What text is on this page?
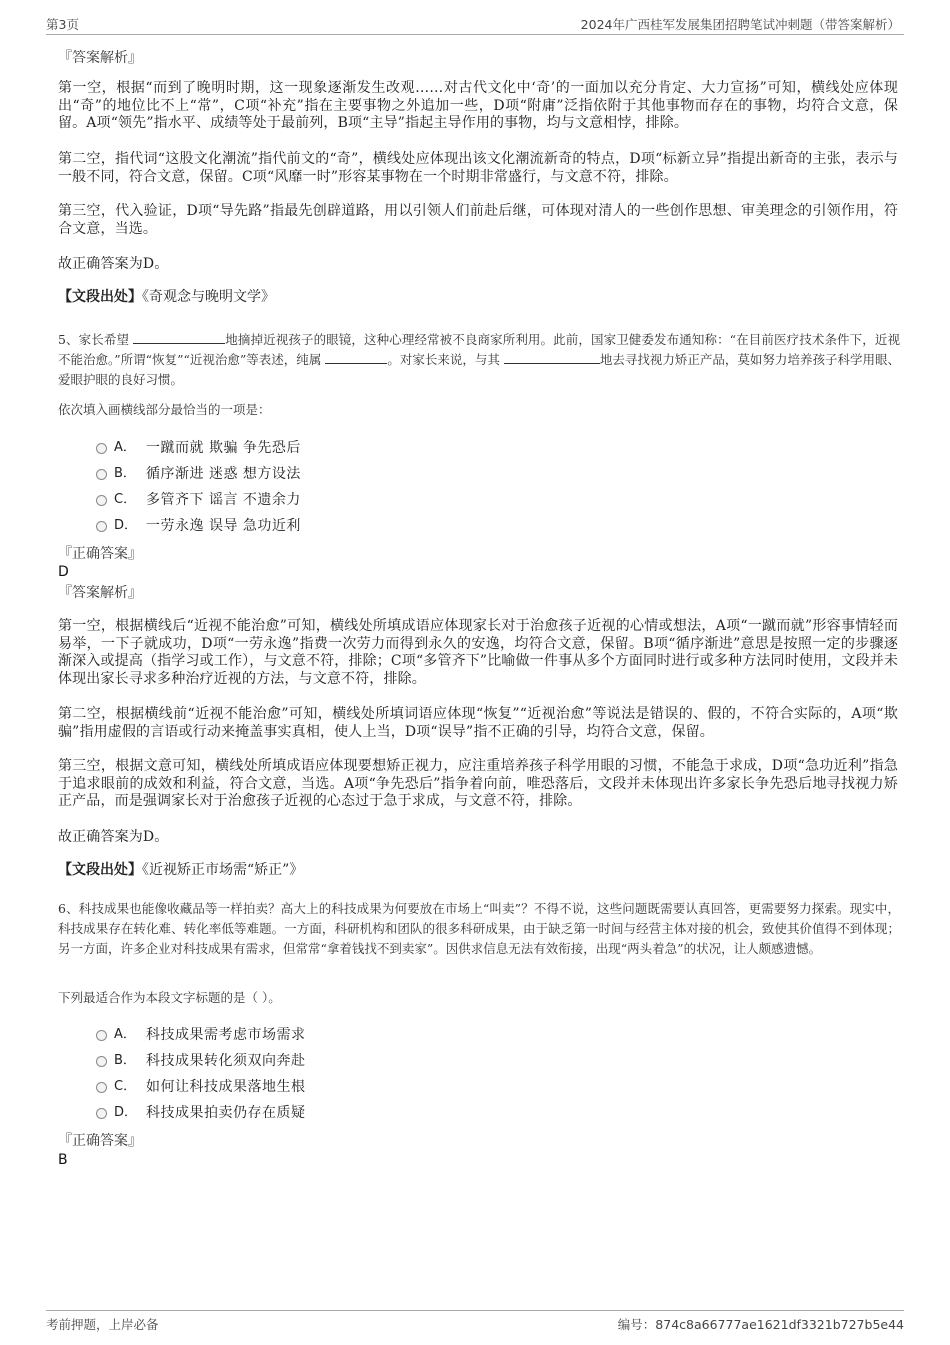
第3页	2024年广西桂军发展集团招聘笔试冲刺题（带答案解析）
『答案解析』
第一空，根据“而到了晚明时期，这一现象逐渐发生改观……对古代文化中‘奇’的一面加以充分肯定、大力宣扬”可知，横线处应体现出“奇”的地位比不上“常”，C项“补充”指在主要事物之外追加一些，D项“附庸”泛指依附于其他事物而存在的事物，均符合文意，保留。A项“领先”指水平、成绩等处于最前列，B项“主导”指起主导作用的事物，均与文意相悖，排除。
第二空，指代词“这股文化潮流”指代前文的“奇”，横线处应体现出该文化潮流新奇的特点，D项“标新立异”指提出新奇的主张，表示与一般不同，符合文意，保留。C项“风靡一时”形容某事物在一个时期非常盛行，与文意不符，排除。
第三空，代入验证，D项“导先路”指最先创辟道路，用以引领人们前赴后继，可体现对清人的一些创作思想、审美理念的引领作用，符合文意，当选。
故正确答案为D。
【文段出处】《奇观念与晚明文学》
5、家长希望	地摘掉近视孩子的眼镜，这种心理经常被不良商家所利用。此前，国家卫健委发布通知称：“在目前医疗技术条件下，近视不能治愈。”所谓“恢复”“近视治愈”等表述，纯属	。对家长来说，与其	地去寻找视力矫正产品，莫如努力培养孩子科学用眼、爱眼护眼的良好习惯。
依次填入画横线部分最恰当的一项是：
A． 一蹴而就 欺骗 争先恐后
B． 循序渐进 迷惑 想方设法
C． 多管齐下 谣言 不遗余力
D． 一劳永逸 误导 急功近利
『正确答案』
D
『答案解析』
第一空，根据横线后“近视不能治愈”可知，横线处所填成语应体现家长对于治愈孩子近视的心情或想法，A项“一蹴而就”形容事情轻而易举，一下子就成功，D项“一劳永逸”指费一次劳力而得到永久的安逸，均符合文意，保留。B项“循序渐进”意思是按照一定的步骤逐渐深入或提高（指学习或工作），与文意不符，排除；C项“多管齐下”比喻做一件事从多个方面同时进行或多种方法同时使用，文段并未体现出家长寻求多种治疗近视的方法，与文意不符，排除。
第二空，根据横线前“近视不能治愈”可知，横线处所填词语应体现“恢复”“近视治愈”等说法是错误的、假的，不符合实际的，A项“欺骗”指用虚假的言语或行动来掩盖事实真相，使人上当，D项“误导”指不正确的引导，均符合文意，保留。
第三空，根据文意可知，横线处所填成语应体现要想矫正视力，应注重培养孩子科学用眼的习惯，不能急于求成，D项“急功近利”指急于追求眼前的成效和利益，符合文意，当选。A项“争先恐后”指争着向前，唯恐落后，文段并未体现出许多家长争先恐后地寻找视力矫正产品，而是强调家长对于治愈孩子近视的心态过于急于求成，与文意不符，排除。
故正确答案为D。
【文段出处】《近视矫正市场需“矫正”》
6、科技成果也能像收藏品等一样拍卖？高大上的科技成果为何要放在市场上“叫卖”？不得不说，这些问题既需要认真回答，更需要努力探索。现实中，科技成果存在转化难、转化率低等难题。一方面，科研机构和团队的很多科研成果，由于缺乏第一时间与经营主体对接的机会，致使其价值得不到体现；另一方面，许多企业对科技成果有需求，但常常“拿着钱找不到卖家”。因供求信息无法有效衔接，出现“两头着急”的状况，让人颇感遗憾。
下列最适合作为本段文字标题的是（ ）。
A． 科技成果需考虑市场需求
B． 科技成果转化须双向奔赴
C． 如何让科技成果落地生根
D． 科技成果拍卖仍存在质疑
『正确答案』
B
考前押题，上岸必备	编号：874c8a66777ae1621df3321b727b5e44
